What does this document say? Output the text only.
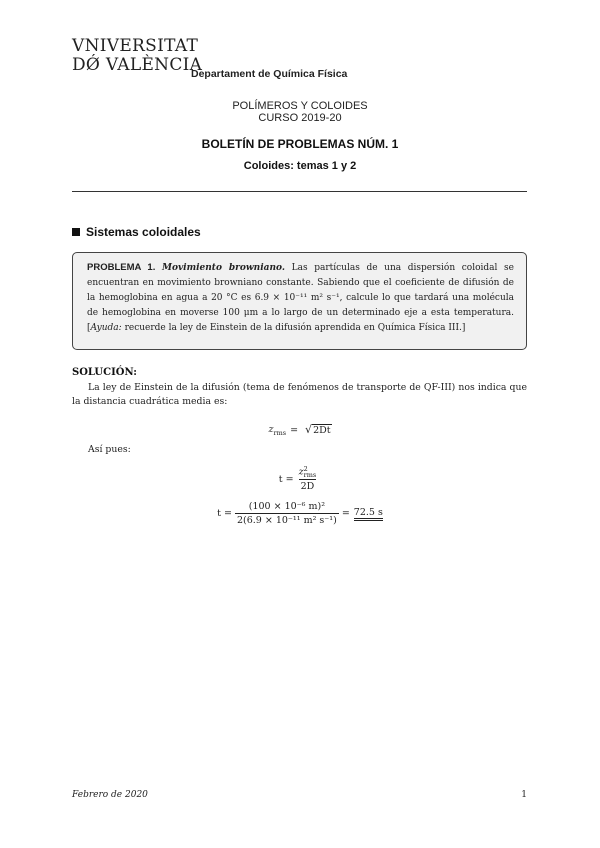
VNIVERSITAT
DǾ VALÈNCIA
Departament de Química Física
POLÍMEROS Y COLOIDES
CURSO 2019-20
BOLETÍN DE PROBLEMAS NÚM. 1
Coloides: temas 1 y 2
Sistemas coloidales

PROBLEMA 1. Movimiento browniano. Las partículas de una dispersión coloidal se encuentran en movimiento browniano constante. Sabiendo que el coeficiente de difusión de la hemoglobina en agua a 20 °C es 6.9 × 10⁻¹¹ m² s⁻¹, calcule lo que tardará una molécula de hemoglobina en moverse 100 μm a lo largo de un determinado eje a esta temperatura. [Ayuda: recuerde la ley de Einstein de la difusión aprendida en Química Física III.]

SOLUCIÓN:

La ley de Einstein de la difusión (tema de fenómenos de transporte de QF-III) nos indica que la distancia cuadrática media es:

$z_{rms}$ = √ 2Dt
Así pues:
t = z 2
rms
2D
$t = \frac{\text{(100 × 10⁻⁶ m)²}}{\text{2(6.9 × 10⁻¹¹ m² s⁻¹)}} = 72.5$ s
Febrero de 2020	1
